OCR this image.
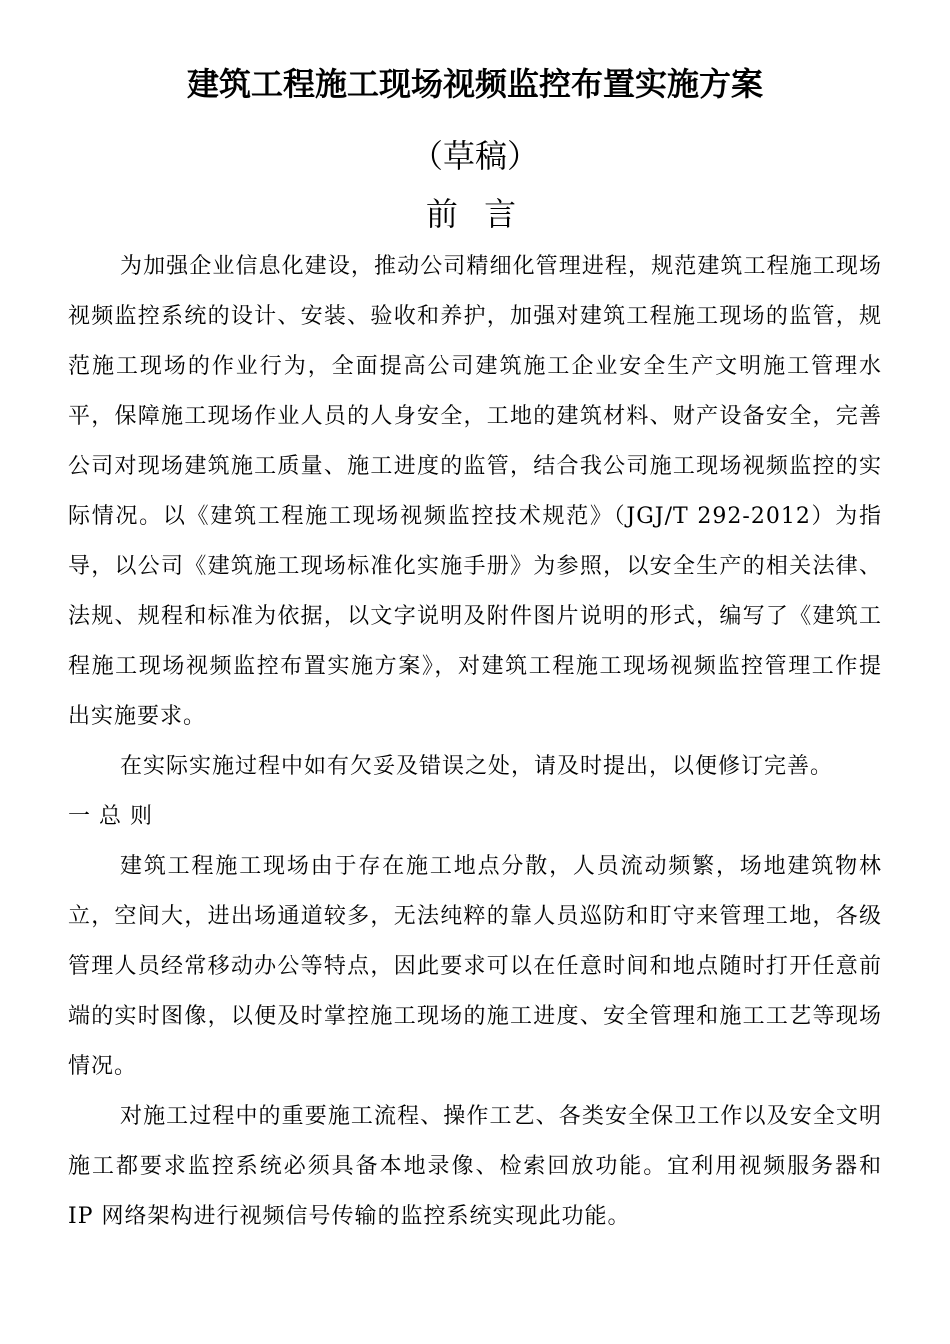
建筑工程施工现场视频监控布置实施方案
（草稿）
前 言

为加强企业信息化建设，推动公司精细化管理进程，规范建筑工程施工现场视频监控系统的设计、安装、验收和养护，加强对建筑工程施工现场的监管，规范施工现场的作业行为，全面提高公司建筑施工企业安全生产文明施工管理水平，保障施工现场作业人员的人身安全，工地的建筑材料、财产设备安全，完善公司对现场建筑施工质量、施工进度的监管，结合我公司施工现场视频监控的实际情况。以《建筑工程施工现场视频监控技术规范》（JGJ/T 292-2012）为指导，以公司《建筑施工现场标准化实施手册》为参照，以安全生产的相关法律、法规、规程和标准为依据，以文字说明及附件图片说明的形式，编写了《建筑工程施工现场视频监控布置实施方案》，对建筑工程施工现场视频监控管理工作提出实施要求。

在实际实施过程中如有欠妥及错误之处，请及时提出，以便修订完善。

一 总 则

建筑工程施工现场由于存在施工地点分散，人员流动频繁，场地建筑物林立，空间大，进出场通道较多，无法纯粹的靠人员巡防和盯守来管理工地，各级管理人员经常移动办公等特点，因此要求可以在任意时间和地点随时打开任意前端的实时图像，以便及时掌控施工现场的施工进度、安全管理和施工工艺等现场情况。

对施工过程中的重要施工流程、操作工艺、各类安全保卫工作以及安全文明施工都要求监控系统必须具备本地录像、检索回放功能。宜利用视频服务器和 IP 网络架构进行视频信号传输的监控系统实现此功能。
